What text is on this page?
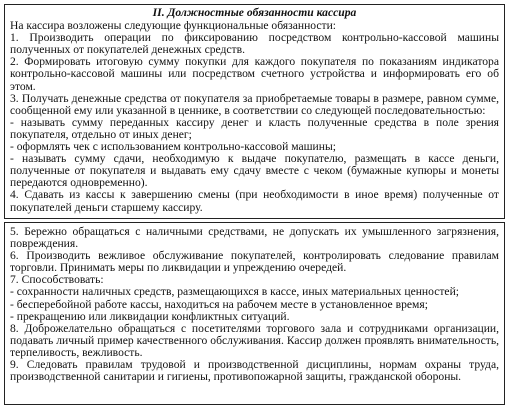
II. Должностные обязанности кассира

На кассира возложены следующие функциональные обязанности:

1. Производить операции по фиксированию посредством контрольно-кассовой машины полученных от покупателей денежных средств.

2. Формировать итоговую сумму покупки для каждого покупателя по показаниям индикатора контрольно-кассовой машины или посредством счетного устройства и информировать его об этом.

3. Получать денежные средства от покупателя за приобретаемые товары в размере, равном сумме, сообщенной ему или указанной в ценнике, в соответствии со следующей последовательностью:

- называть сумму переданных кассиру денег и класть полученные средства в поле зрения покупателя, отдельно от иных денег;

- оформлять чек с использованием контрольно-кассовой машины;

- называть сумму сдачи, необходимую к выдаче покупателю, размещать в кассе деньги, полученные от покупателя и выдавать ему сдачу вместе с чеком (бумажные купюры и монеты передаются одновременно).

4. Сдавать из кассы к завершению смены (при необходимости в иное время) полученные от покупателей деньги старшему кассиру.

5. Бережно обращаться с наличными средствами, не допускать их умышленного загрязнения, повреждения.

6. Производить вежливое обслуживание покупателей, контролировать следование правилам торговли. Принимать меры по ликвидации и упреждению очередей.

7. Способствовать:

- сохранности наличных средств, размещающихся в кассе, иных материальных ценностей;

- бесперебойной работе кассы, находиться на рабочем месте в установленное время;

- прекращению или ликвидации конфликтных ситуаций.

8. Доброжелательно обращаться с посетителями торгового зала и сотрудниками организации, подавать личный пример качественного обслуживания. Кассир должен проявлять внимательность, терпеливость, вежливость.

9. Следовать правилам трудовой и производственной дисциплины, нормам охраны труда, производственной санитарии и гигиены, противопожарной защиты, гражданской обороны.
